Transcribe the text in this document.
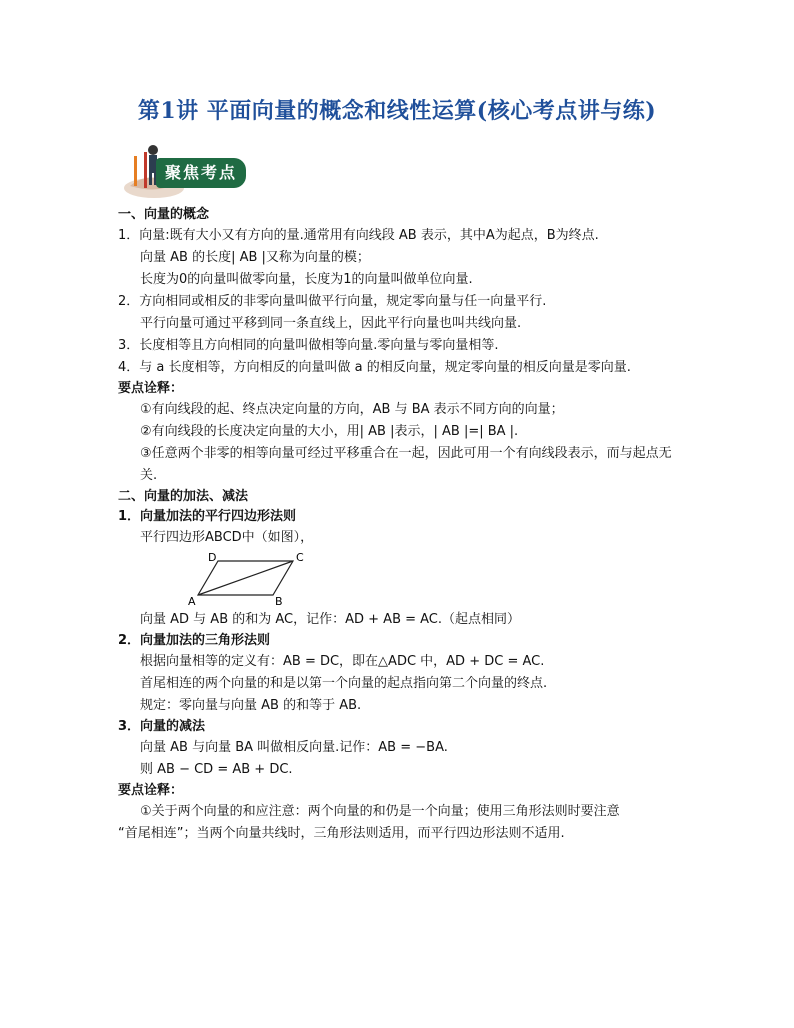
第1讲 平面向量的概念和线性运算(核心考点讲与练)
聚焦考点
一、向量的概念
1．向量:既有大小又有方向的量.通常用有向线段 AB 表示，其中A为起点，B为终点.
向量 AB 的长度| AB |又称为向量的模；
长度为0的向量叫做零向量，长度为1的向量叫做单位向量.
2．方向相同或相反的非零向量叫做平行向量，规定零向量与任一向量平行.
平行向量可通过平移到同一条直线上，因此平行向量也叫共线向量.
3．长度相等且方向相同的向量叫做相等向量.零向量与零向量相等.
4．与 a 长度相等，方向相反的向量叫做 a 的相反向量，规定零向量的相反向量是零向量.
要点诠释：
①有向线段的起、终点决定向量的方向，AB 与 BA 表示不同方向的向量；
②有向线段的长度决定向量的大小，用| AB |表示，| AB |=| BA |.
③任意两个非零的相等向量可经过平移重合在一起，因此可用一个有向线段表示，而与起点无关.
二、向量的加法、减法
1．向量加法的平行四边形法则
平行四边形ABCD中（如图），
A	B
C
D
向量 AD 与 AB 的和为 AC，记作：AD + AB = AC.（起点相同）
2．向量加法的三角形法则
根据向量相等的定义有：AB = DC，即在△ADC 中，AD + DC = AC.
首尾相连的两个向量的和是以第一个向量的起点指向第二个向量的终点.
规定：零向量与向量 AB 的和等于 AB.
3．向量的减法
向量 AB 与向量 BA 叫做相反向量.记作：AB = −BA.
则 AB − CD = AB + DC.
要点诠释：
①关于两个向量的和应注意：两个向量的和仍是一个向量；使用三角形法则时要注意
“首尾相连”；当两个向量共线时，三角形法则适用，而平行四边形法则不适用.
